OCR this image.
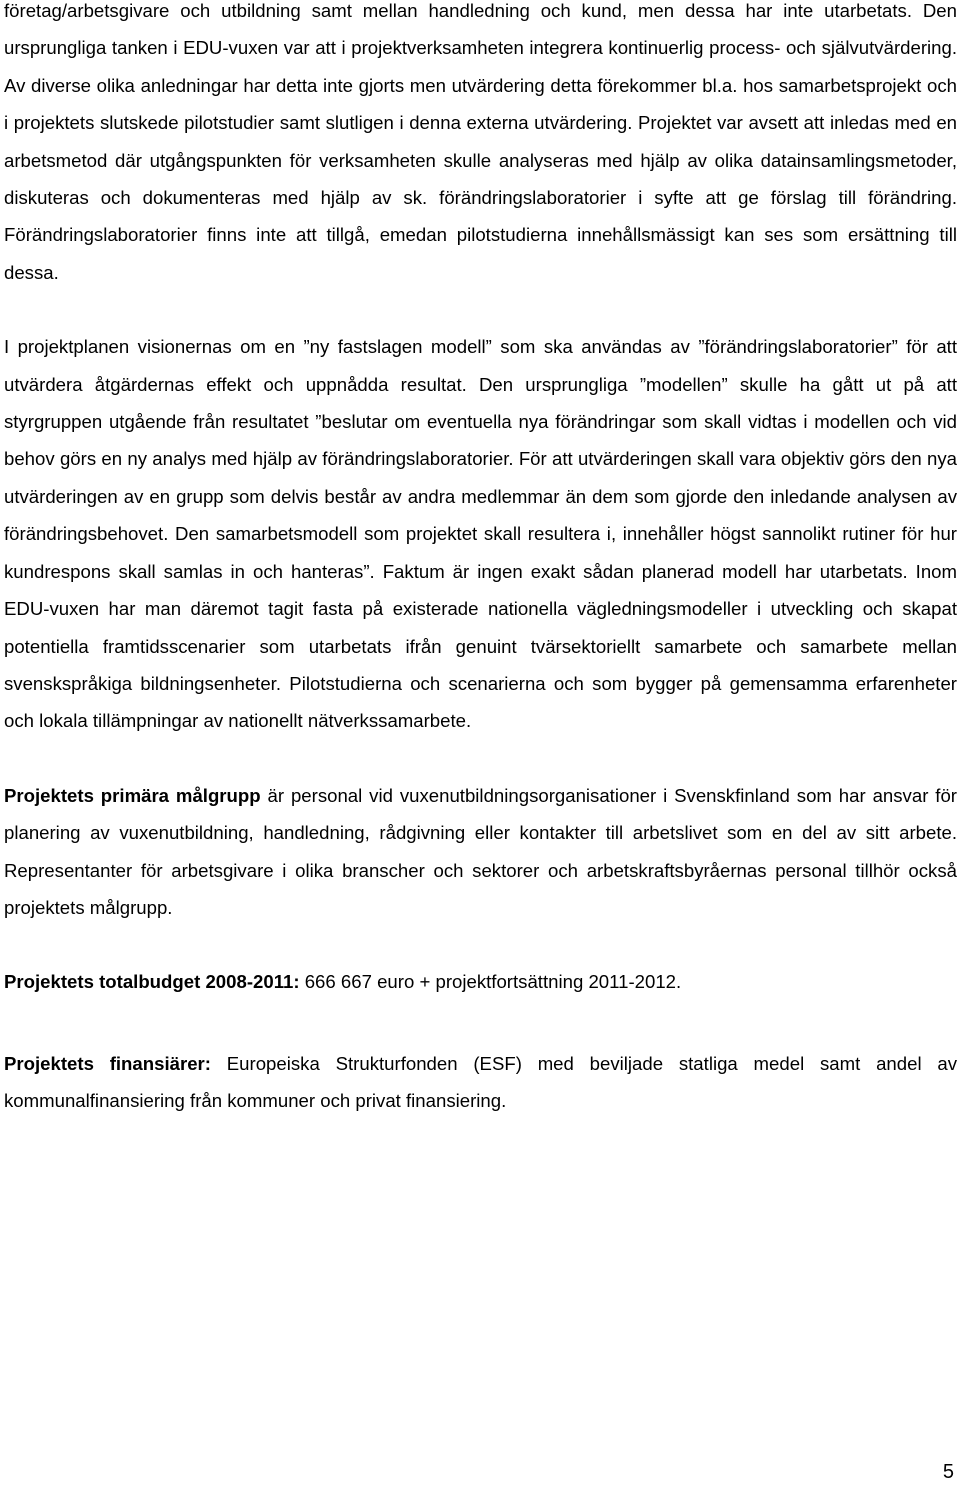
företag/arbetsgivare och utbildning samt mellan handledning och kund, men dessa har inte utarbetats. Den ursprungliga tanken i EDU-vuxen var att i projektverksamheten integrera kontinuerlig process- och självutvärdering. Av diverse olika anledningar har detta inte gjorts men utvärdering detta förekommer bl.a. hos samarbetsprojekt och i projektets slutskede pilotstudier samt slutligen i denna externa utvärdering. Projektet var avsett att inledas med en arbetsmetod där utgångspunkten för verksamheten skulle analyseras med hjälp av olika datainsamlingsmetoder, diskuteras och dokumenteras med hjälp av sk. förändringslaboratorier i syfte att ge förslag till förändring. Förändringslaboratorier finns inte att tillgå, emedan pilotstudierna innehållsmässigt kan ses som ersättning till dessa.

I projektplanen visionernas om en ”ny fastslagen modell” som ska användas av ”förändringslaboratorier” för att utvärdera åtgärdernas effekt och uppnådda resultat. Den ursprungliga ”modellen” skulle ha gått ut på att styrgruppen utgående från resultatet ”beslutar om eventuella nya förändringar som skall vidtas i modellen och vid behov görs en ny analys med hjälp av förändringslaboratorier. För att utvärderingen skall vara objektiv görs den nya utvärderingen av en grupp som delvis består av andra medlemmar än dem som gjorde den inledande analysen av förändringsbehovet. Den samarbetsmodell som projektet skall resultera i, innehåller högst sannolikt rutiner för hur kundrespons skall samlas in och hanteras”. Faktum är ingen exakt sådan planerad modell har utarbetats. Inom EDU-vuxen har man däremot tagit fasta på existerade nationella vägledningsmodeller i utveckling och skapat potentiella framtidsscenarier som utarbetats ifrån genuint tvärsektoriellt samarbete och samarbete mellan svenskspråkiga bildningsenheter. Pilotstudierna och scenarierna och som bygger på gemensamma erfarenheter och lokala tillämpningar av nationellt nätverkssamarbete.

Projektets primära målgrupp är personal vid vuxenutbildningsorganisationer i Svenskfinland som har ansvar för planering av vuxenutbildning, handledning, rådgivning eller kontakter till arbetslivet som en del av sitt arbete. Representanter för arbetsgivare i olika branscher och sektorer och arbetskraftsbyråernas personal tillhör också projektets målgrupp.

Projektets totalbudget 2008-2011: 666 667 euro + projektfortsättning 2011-2012.

Projektets finansiärer: Europeiska Strukturfonden (ESF) med beviljade statliga medel samt andel av kommunalfinansiering från kommuner och privat finansiering.

5
